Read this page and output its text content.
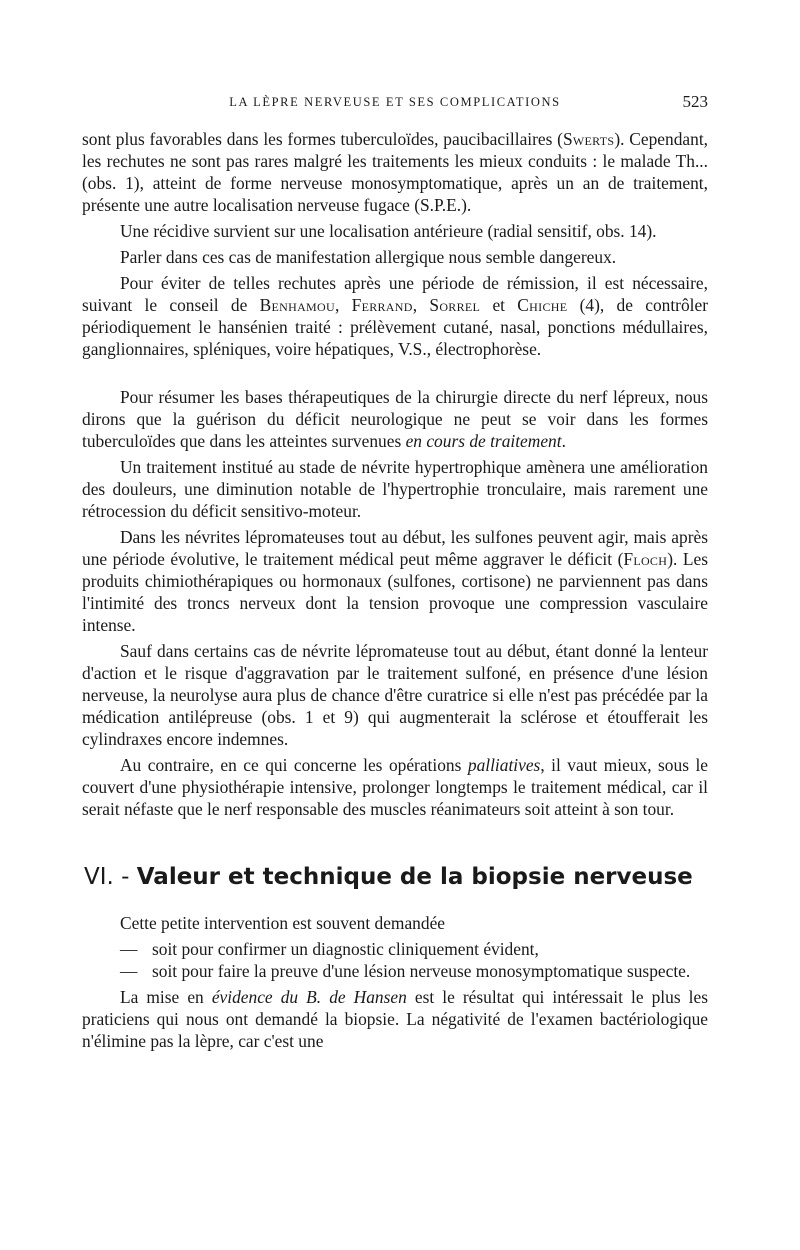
LA LÈPRE NERVEUSE ET SES COMPLICATIONS	523

sont plus favorables dans les formes tuberculoïdes, paucibacillaires (Swerts). Cependant, les rechutes ne sont pas rares malgré les traitements les mieux conduits : le malade Th... (obs. 1), atteint de forme nerveuse monosymptomatique, après un an de traitement, présente une autre localisation nerveuse fugace (S.P.E.).

Une récidive survient sur une localisation antérieure (radial sensitif, obs. 14).

Parler dans ces cas de manifestation allergique nous semble dangereux.

Pour éviter de telles rechutes après une période de rémission, il est nécessaire, suivant le conseil de Benhamou, Ferrand, Sorrel et Chiche (4), de contrôler périodiquement le hansénien traité : prélèvement cutané, nasal, ponctions médullaires, ganglionnaires, spléniques, voire hépatiques, V.S., électrophorèse.

Pour résumer les bases thérapeutiques de la chirurgie directe du nerf lépreux, nous dirons que la guérison du déficit neurologique ne peut se voir dans les formes tuberculoïdes que dans les atteintes survenues en cours de traitement.

Un traitement institué au stade de névrite hypertrophique amènera une amélioration des douleurs, une diminution notable de l'hypertrophie tronculaire, mais rarement une rétrocession du déficit sensitivo-moteur.

Dans les névrites lépromateuses tout au début, les sulfones peuvent agir, mais après une période évolutive, le traitement médical peut même aggraver le déficit (Floch). Les produits chimiothérapiques ou hormonaux (sulfones, cortisone) ne parviennent pas dans l'intimité des troncs nerveux dont la tension provoque une compression vasculaire intense.

Sauf dans certains cas de névrite lépromateuse tout au début, étant donné la lenteur d'action et le risque d'aggravation par le traitement sulfoné, en présence d'une lésion nerveuse, la neurolyse aura plus de chance d'être curatrice si elle n'est pas précédée par la médication antilépreuse (obs. 1 et 9) qui augmenterait la sclérose et étoufferait les cylindraxes encore indemnes.

Au contraire, en ce qui concerne les opérations palliatives, il vaut mieux, sous le couvert d'une physiothérapie intensive, prolonger longtemps le traitement médical, car il serait néfaste que le nerf responsable des muscles réanimateurs soit atteint à son tour.

VI. - Valeur et technique de la biopsie nerveuse

Cette petite intervention est souvent demandée

— soit pour confirmer un diagnostic cliniquement évident,
— soit pour faire la preuve d'une lésion nerveuse monosymptomatique suspecte.

La mise en évidence du B. de Hansen est le résultat qui intéressait le plus les praticiens qui nous ont demandé la biopsie. La négativité de l'examen bactériologique n'élimine pas la lèpre, car c'est une
